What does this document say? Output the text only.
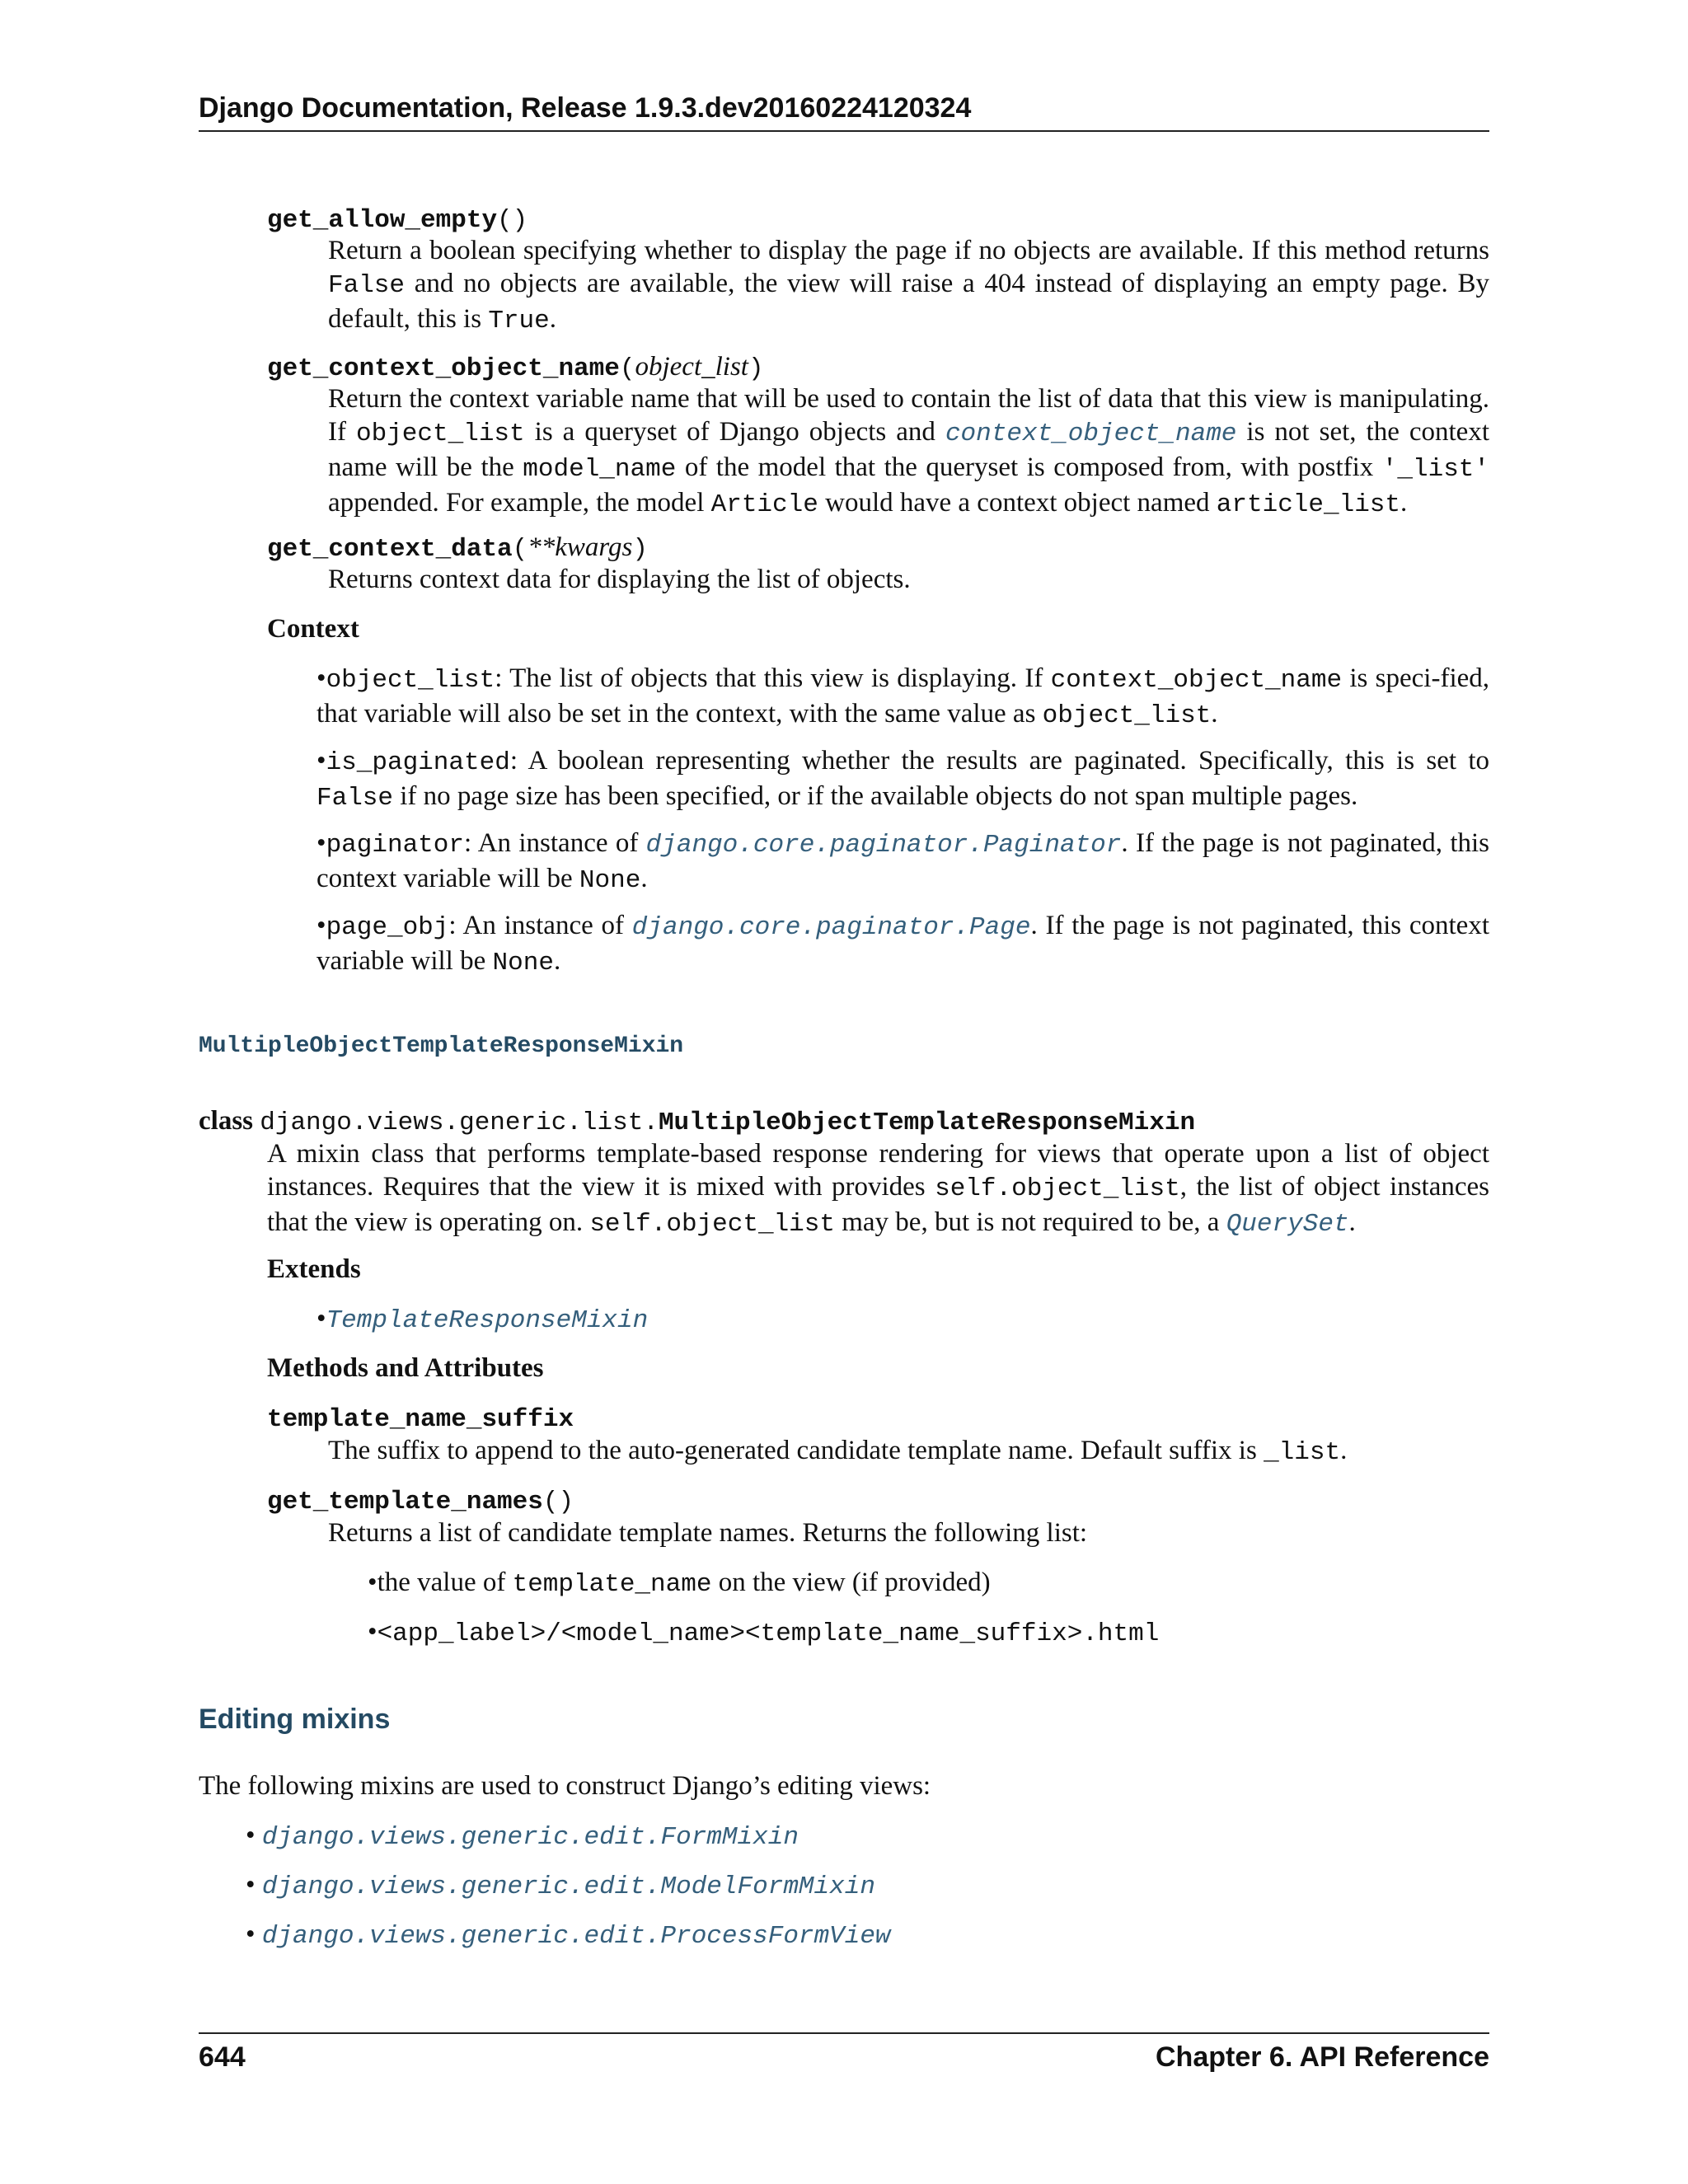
Django Documentation, Release 1.9.3.dev20160224120324
get_allow_empty()
Return a boolean specifying whether to display the page if no objects are available. If this method returns False and no objects are available, the view will raise a 404 instead of displaying an empty page. By default, this is True.
get_context_object_name(object_list)
Return the context variable name that will be used to contain the list of data that this view is manipulating. If object_list is a queryset of Django objects and context_object_name is not set, the context name will be the model_name of the model that the queryset is composed from, with postfix '_list' appended. For example, the model Article would have a context object named article_list.
get_context_data(**kwargs)
Returns context data for displaying the list of objects.
Context
•object_list: The list of objects that this view is displaying. If context_object_name is speci-fied, that variable will also be set in the context, with the same value as object_list.
•is_paginated: A boolean representing whether the results are paginated. Specifically, this is set to False if no page size has been specified, or if the available objects do not span multiple pages.
•paginator: An instance of django.core.paginator.Paginator. If the page is not paginated, this context variable will be None.
•page_obj: An instance of django.core.paginator.Page. If the page is not paginated, this context variable will be None.
MultipleObjectTemplateResponseMixin
class django.views.generic.list.MultipleObjectTemplateResponseMixin
A mixin class that performs template-based response rendering for views that operate upon a list of object instances. Requires that the view it is mixed with provides self.object_list, the list of object instances that the view is operating on. self.object_list may be, but is not required to be, a QuerySet.
Extends
•TemplateResponseMixin
Methods and Attributes
template_name_suffix
The suffix to append to the auto-generated candidate template name. Default suffix is _list.
get_template_names()
Returns a list of candidate template names. Returns the following list:
•the value of template_name on the view (if provided)
•<app_label>/<model_name><template_name_suffix>.html
Editing mixins
The following mixins are used to construct Django’s editing views:
• django.views.generic.edit.FormMixin
• django.views.generic.edit.ModelFormMixin
• django.views.generic.edit.ProcessFormView
644	Chapter 6. API Reference
